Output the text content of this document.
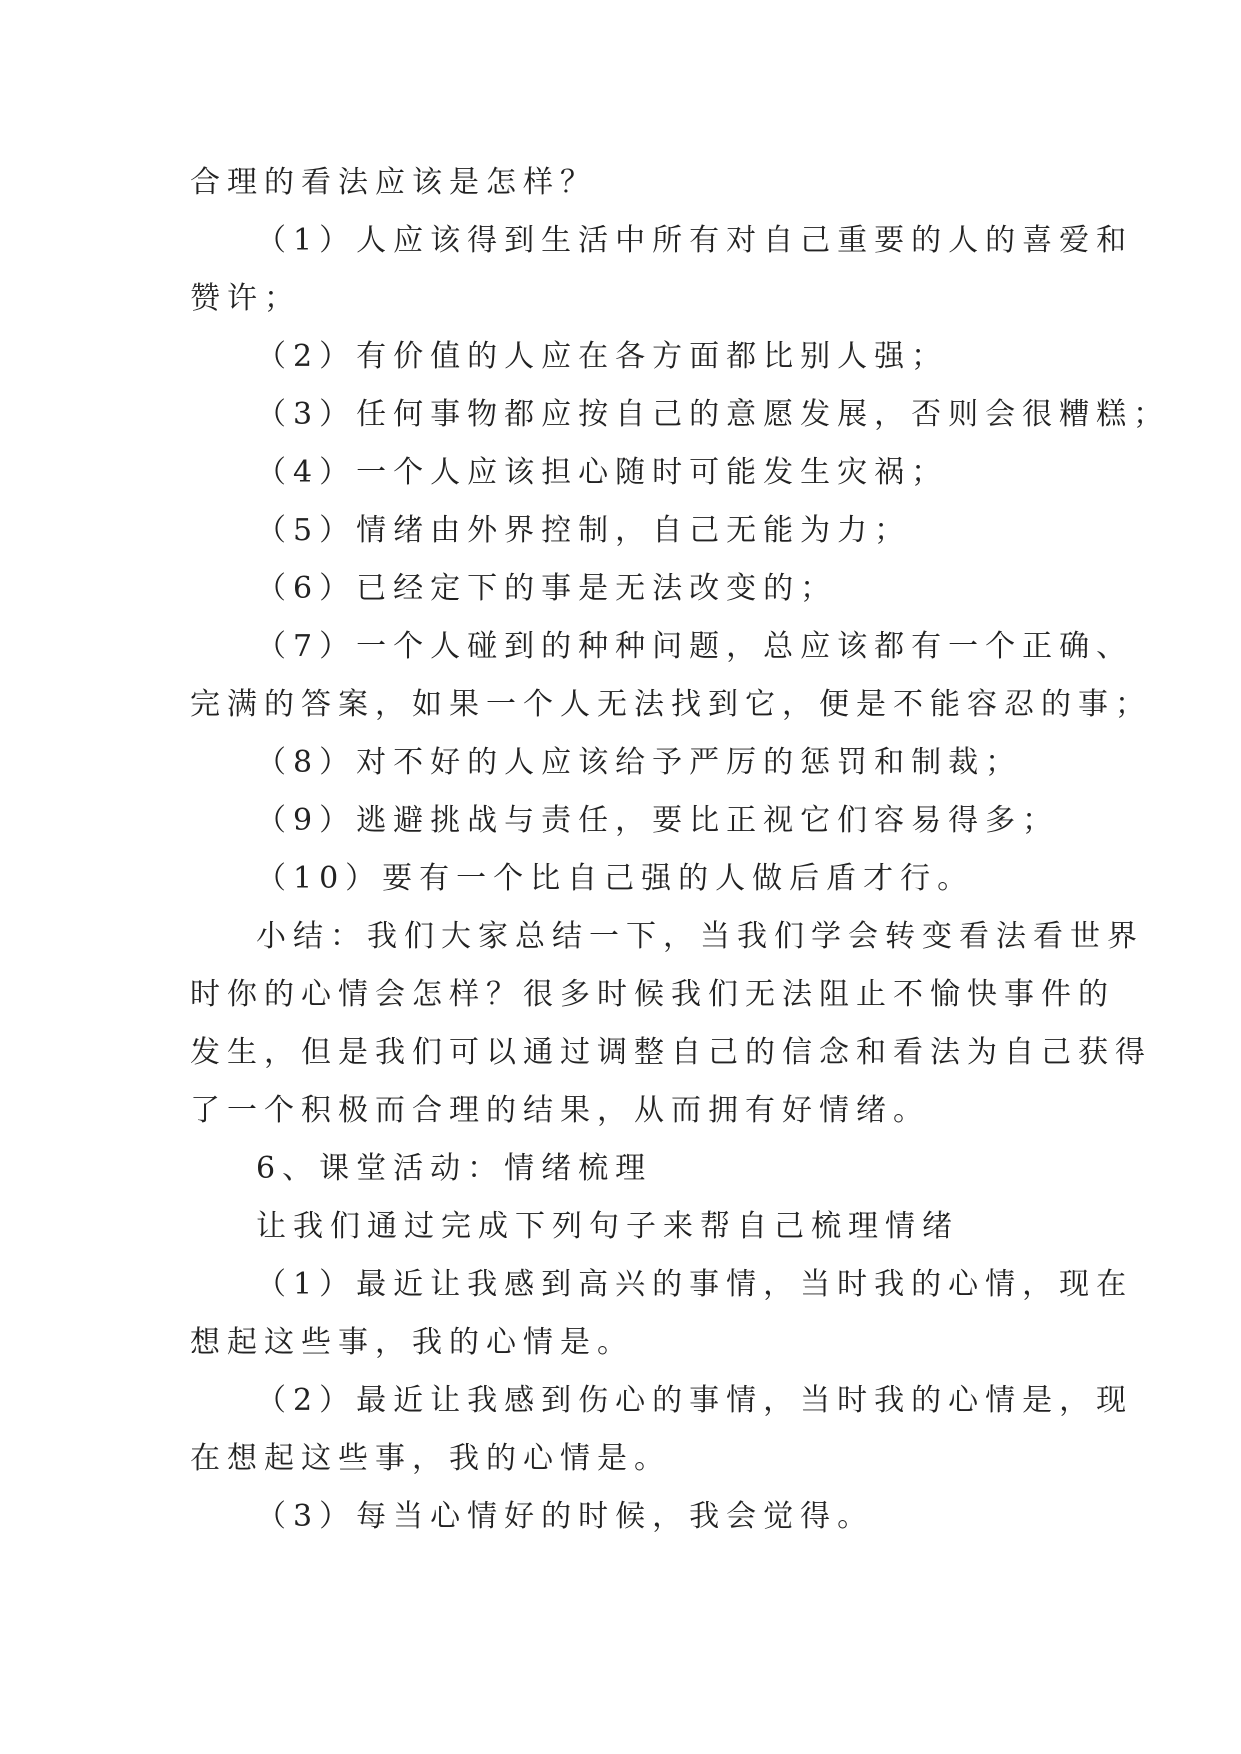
合理的看法应该是怎样？
（1）人应该得到生活中所有对自己重要的人的喜爱和
赞许；
（2）有价值的人应在各方面都比别人强；
（3）任何事物都应按自己的意愿发展，否则会很糟糕；
（4）一个人应该担心随时可能发生灾祸；
（5）情绪由外界控制，自己无能为力；
（6）已经定下的事是无法改变的；
（7）一个人碰到的种种问题，总应该都有一个正确、
完满的答案，如果一个人无法找到它，便是不能容忍的事；
（8）对不好的人应该给予严厉的惩罚和制裁；
（9）逃避挑战与责任，要比正视它们容易得多；
（10）要有一个比自己强的人做后盾才行。
小结：我们大家总结一下，当我们学会转变看法看世界
时你的心情会怎样？很多时候我们无法阻止不愉快事件的
发生，但是我们可以通过调整自己的信念和看法为自己获得
了一个积极而合理的结果，从而拥有好情绪。
6、课堂活动：情绪梳理
让我们通过完成下列句子来帮自己梳理情绪
（1）最近让我感到高兴的事情，当时我的心情，现在
想起这些事，我的心情是。
（2）最近让我感到伤心的事情，当时我的心情是，现
在想起这些事，我的心情是。
（3）每当心情好的时候，我会觉得。
